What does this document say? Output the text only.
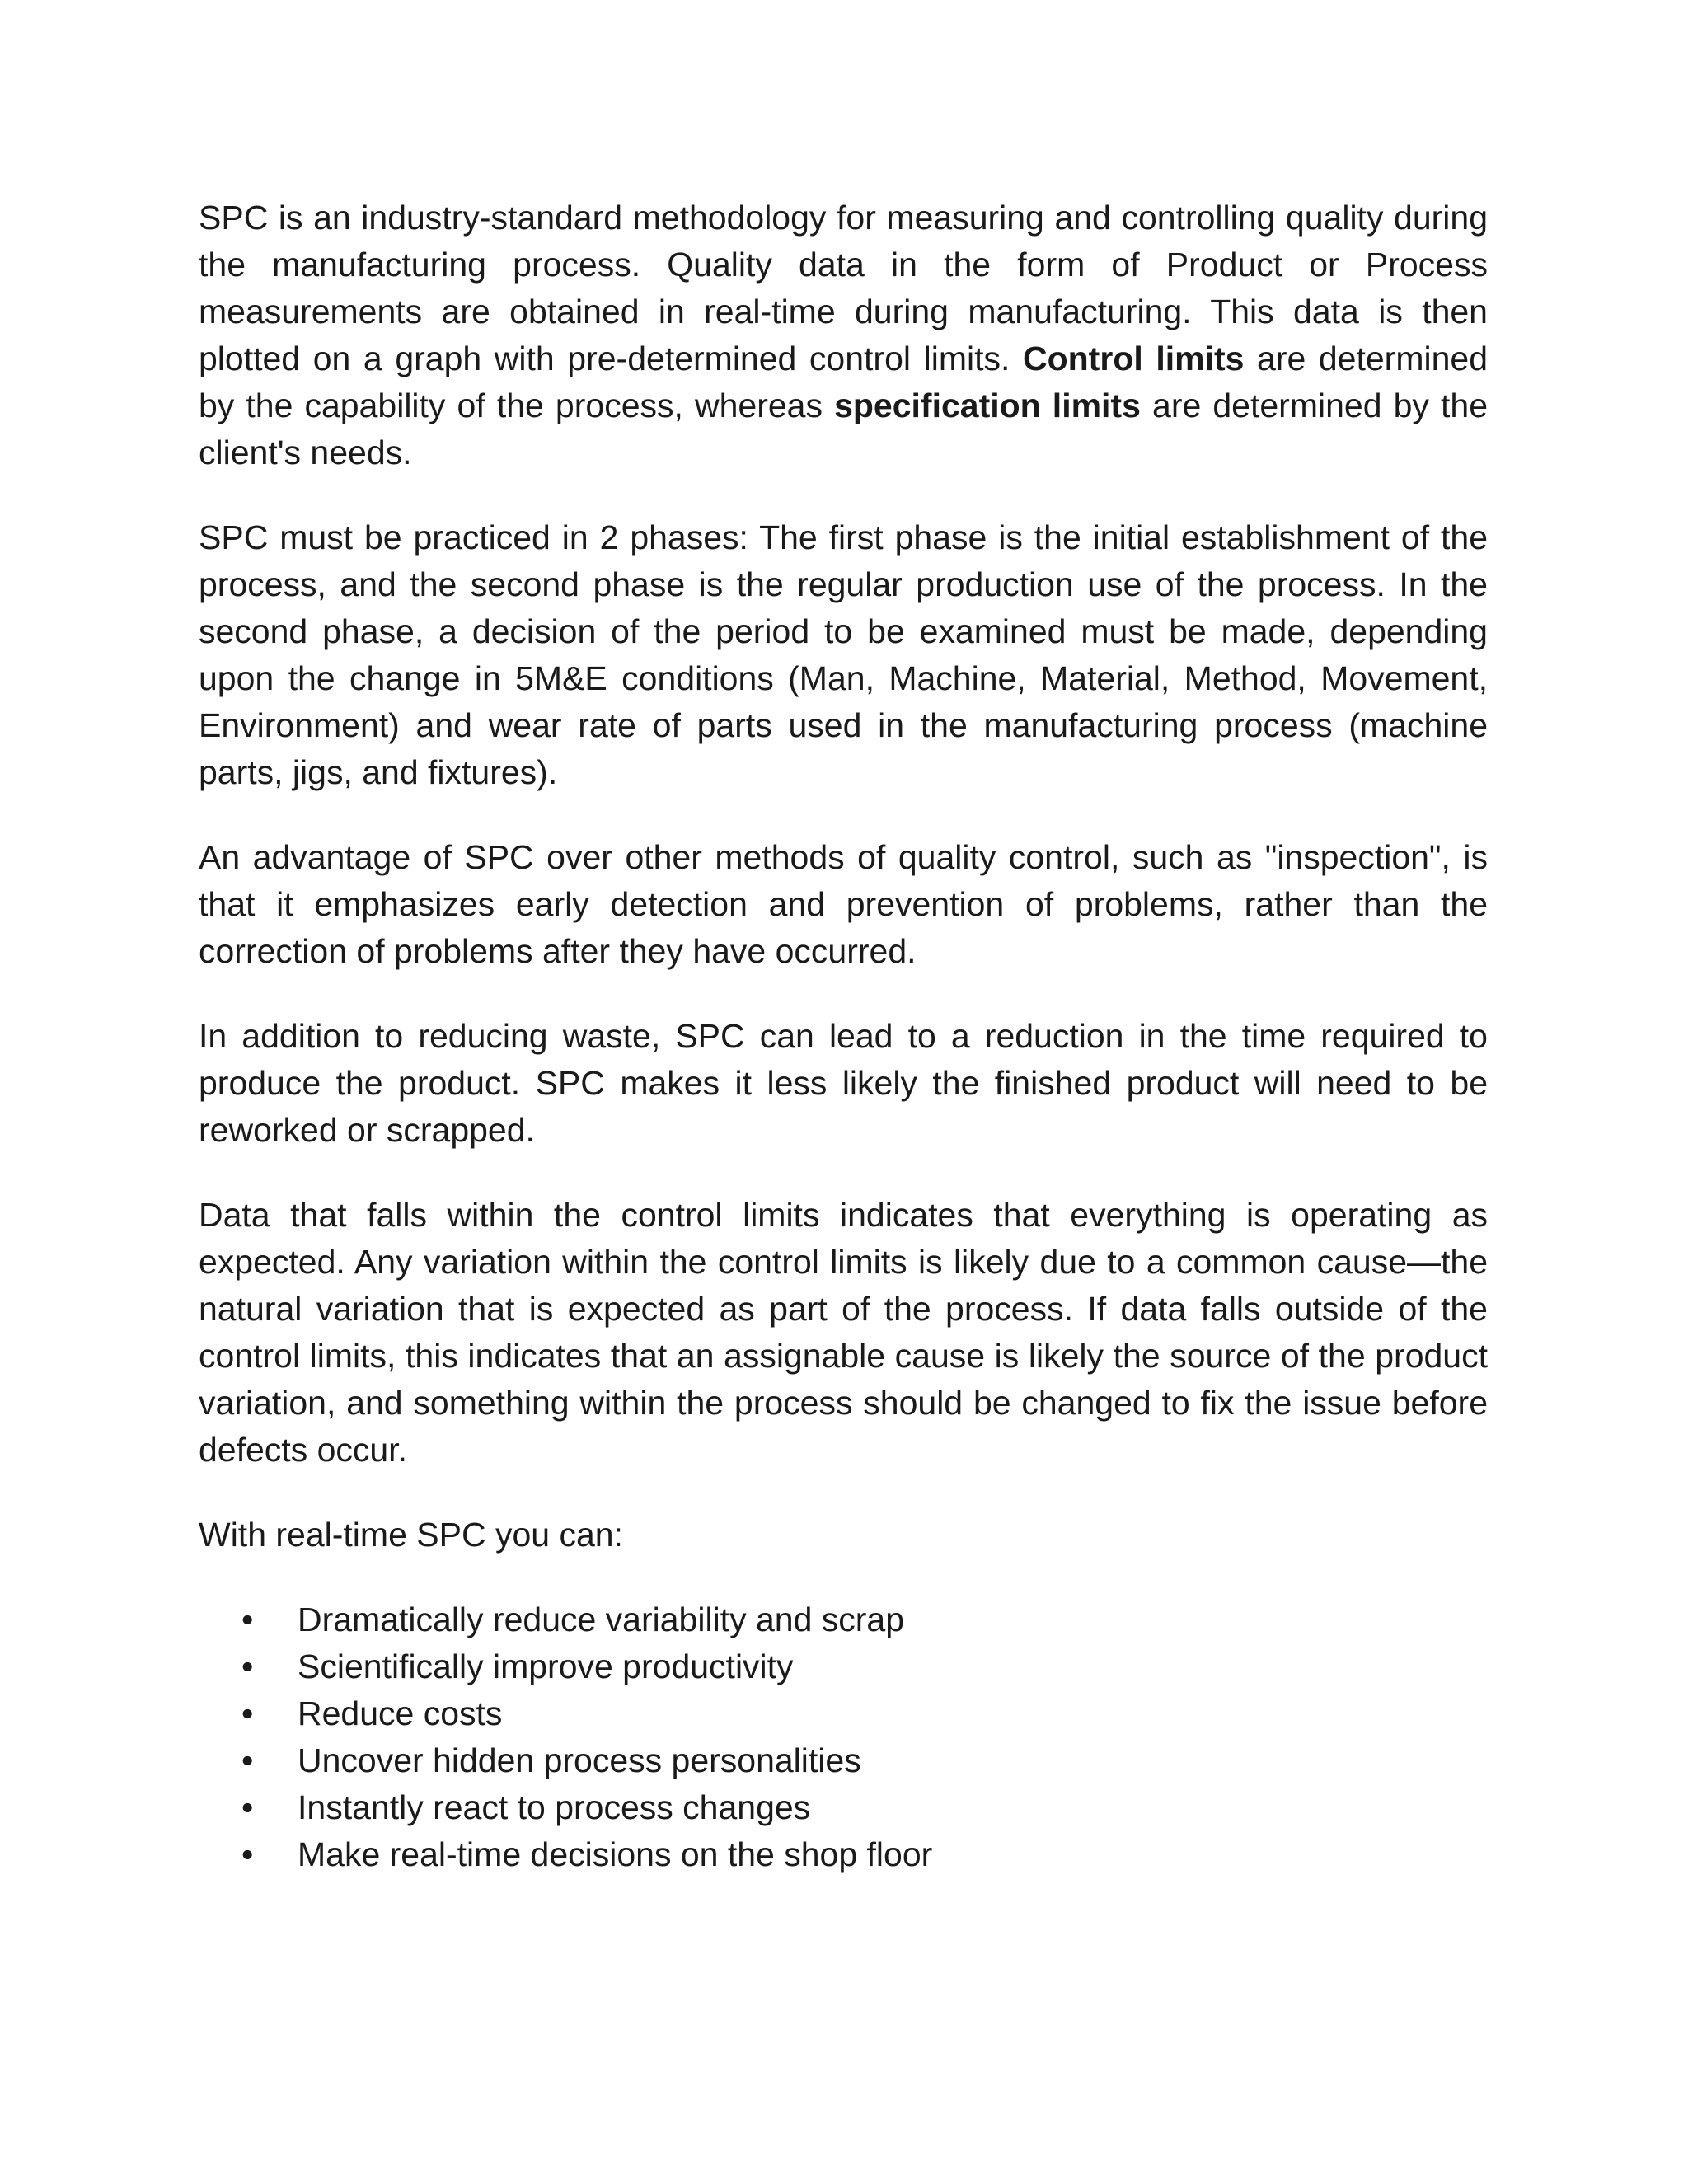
SPC is an industry-standard methodology for measuring and controlling quality during the manufacturing process. Quality data in the form of Product or Process measurements are obtained in real-time during manufacturing. This data is then plotted on a graph with pre-determined control limits. Control limits are determined by the capability of the process, whereas specification limits are determined by the client's needs.

SPC must be practiced in 2 phases: The first phase is the initial establishment of the process, and the second phase is the regular production use of the process. In the second phase, a decision of the period to be examined must be made, depending upon the change in 5M&E conditions (Man, Machine, Material, Method, Movement, Environment) and wear rate of parts used in the manufacturing process (machine parts, jigs, and fixtures).

An advantage of SPC over other methods of quality control, such as "inspection", is that it emphasizes early detection and prevention of problems, rather than the correction of problems after they have occurred.

In addition to reducing waste, SPC can lead to a reduction in the time required to produce the product. SPC makes it less likely the finished product will need to be reworked or scrapped.

Data that falls within the control limits indicates that everything is operating as expected. Any variation within the control limits is likely due to a common cause—the natural variation that is expected as part of the process. If data falls outside of the control limits, this indicates that an assignable cause is likely the source of the product variation, and something within the process should be changed to fix the issue before defects occur.

With real-time SPC you can:

• Dramatically reduce variability and scrap
• Scientifically improve productivity
• Reduce costs
• Uncover hidden process personalities
• Instantly react to process changes
• Make real-time decisions on the shop floor
